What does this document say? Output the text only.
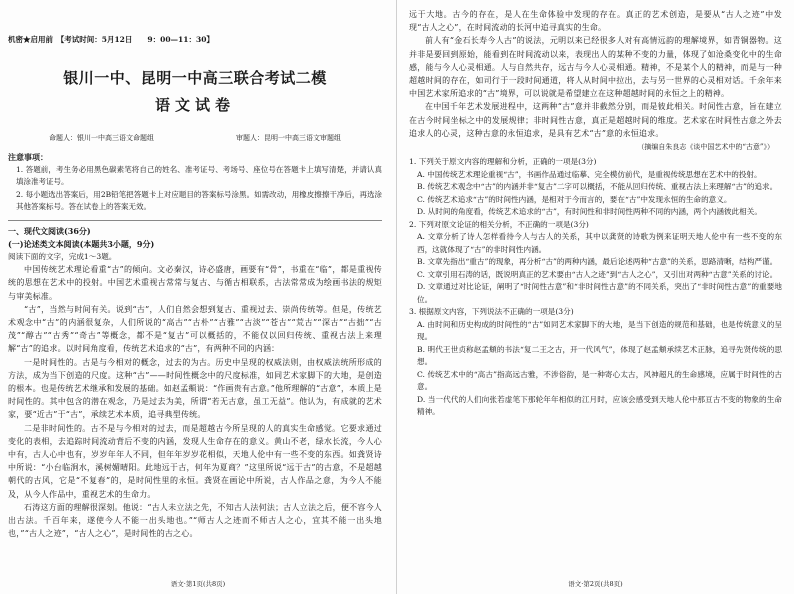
机密★启用前　【考试时间：5月12日　　9：00—11：30】
银川一中、昆明一中高三联合考试二模
语文试卷
命题人：银川一中高三语文命题组	审题人：昆明一中高三语文审题组

注意事项：

1. 答题前，考生务必用黑色碳素笔将自己的姓名、准考证号、考场号、座位号在答题卡上填写清楚，并请认真填涂准考证号。

2. 每小题选出答案后，用2B铅笔把答题卡上对应题目的答案标号涂黑。如需改动，用橡皮擦擦干净后，再选涂其他答案标号。答在试卷上的答案无效。

一、现代文阅读(36分)

(一)论述类文本阅读(本题共3小题，9分)

阅读下面的文字，完成1～3题。

中国传统艺术理论看重“古”的倾向。文必秦汉，诗必盛唐，画要有“骨”，书重在“临”，都是重视传统的思想在艺术中的投射。中国艺术重视古常常与复古、与循古相联系，古法常常成为绘画书法的规矩与审美标准。

“古”，当然与时间有关。说到“古”，人们自然会想到复古、重视过去、崇尚传统等。但是，传统艺术观念中“古”的内涵很复杂，人们所说的“高古”“古朴”“古雅”“古淡”“苍古”“荒古”“深古”“古拙”“古茂”“醇古”“古秀”“奇古”等概念，都不是“复古”可以概括的，不能仅以回归传统、重视古法上来理解“古”的追求。以时间角度看，传统艺术追求的“古”，有两种不同的内涵：

一是时间性的。古是与今相对的概念，过去的为古。历史中呈现的权威法则，由权威法统所形成的方法，成为当下创造的尺度。这种“古”——时间性概念中的尺度标准，如同艺术家脚下的大地，是创造的根本。也是传统艺术继承和发展的基础。如赵孟頫说：“作画贵有古意。”他所理解的“古意”，本质上是时间性的。其中包含的潜在观念，乃是过去为美，所谓“若无古意，虽工无益”。他认为，有成就的艺术家，要“近古”于“古”，承续艺术本质，追寻典型传统。

二是非时间性的。古不是与今相对的过去，而是超越古今所呈现的人的真实生命感觉。它要求通过变化的表相，去追踪时间流动背后不变的内涵，发现人生命存在的意义。黄山不老，绿水长流，今人心中有，古人心中也有，岁岁年年人不同，但年年岁岁花相似，天地人伦中有一些不变的东西。如龚贤诗中所说：“小台临涧水，溪树媚晴阳。此地远于古，何年为夏商？”这里所说“远于古”的古意，不是超越朝代的古风，它是“不复春”的，是时间性里的永恒。龚贤在画论中所说，古人作品之意，为今人不能及，从今人作品中，重视艺术的生命力。

石涛这方面的理解很深刻。他说：“古人未立法之先，不知古人法何法；古人立法之后，便不容今人出古法。千百年来，遂使今人不能一出头地也。”“师古人之迹而不师古人之心，宜其不能一出头地也，”“古人之迹”，“古人之心”，是时间性的古之心。

语文·第1页(共8页)

远于大地。古今的存在，是人在生命体验中发现的存在。真正的艺术创造，是要从“古人之迹”中发现“古人之心”，在时间流动的长河中追寻真实的生命。

前人有“金石长寿今人古”的说法，元明以来已经很多人对有高情远韵的理解境界，如青铜器物。这并非是要回到原始，能看到在时间流动以来，表现出人的某种不变的力量，体现了如沧桑变化中的生命感，能与今人心灵相通。人与自然共存，远古与今人心灵相通。精神，不是某个人的精神，而是与一种超越时间的存在，如司行于一段时间通道，将人从时间中拉出，去与另一世界的心灵相对话。千余年来中国艺术家所追求的“古”境界，可以说就是希望建立在这种超越时间的永恒之上的精神。

在中国千年艺术发展进程中，这两种“古”意并非截然分别，而是彼此相关。时间性古意，旨在建立在古今时间坐标之中的发展规律；非时间性古意，真正是超越时间的维度。艺术家在时间性古意之外去追求人的心灵，这种古意的永恒追求，是具有艺术“古”意的永恒追求。

（摘编自朱良志《谈中国艺术中的“古意”》）

1. 下列关于原文内容的理解和分析，正确的一项是(3分)

A. 中国传统艺术理论重视“古”，书画作品通过临摹、完全模仿前代，是重视传统思想在艺术中的投射。

B. 传统艺术观念中“古”的内涵并非“复古”二字可以概括，不能从回归传统、重视古法上来理解“古”的追求。

C. 传统艺术追求“古”的时间性内涵，是相对于今而言的，要在“古”中发现永恒的生命的意义。

D. 从时间的角度看，传统艺术追求的“古”，有时间性和非时间性两种不同的内涵，两个内涵彼此相关。

2. 下列对原文论证的相关分析，不正确的一项是(3分)

A. 文章分析了诗人怎样看待今人与古人的关系，其中以龚贤的诗歌为例来证明天地人伦中有一些不变的东西，这就体现了“古”的非时间性内涵。

B. 文章先指出“重古”的现象，再分析“古”的两种内涵，最后论述两种“古意”的关系，思路清晰，结构严谨。

C. 文章引用石涛的话，既说明真正的艺术要由“古人之迹”到“古人之心”，又引出对两种“古意”关系的讨论。

D. 文章通过对比论证，阐明了“时间性古意”和“非时间性古意”的不同关系，突出了“非时间性古意”的重要地位。

3. 根据原文内容，下列说法不正确的一项是(3分)

A. 由时间和历史构成的时间性的“古”如同艺术家脚下的大地，是当下创造的规范和基础，也是传统意义的呈现。

B. 明代王世贞称赵孟頫的书法“复二王之古，开一代风气”，体现了赵孟頫承续艺术正脉，追寻先贤传统的思想。

C. 传统艺术中的“高古”指高远古雅，不涉俗韵，是一种寄心太古，风神超凡的生命感境，应属于时间性的古意。

D. 当一代代的人们向张若虚笔下那轮年年相似的江月时，应该会感受到天地人伦中那亘古不变的物象的生命精神。

语文·第2页(共8页)
